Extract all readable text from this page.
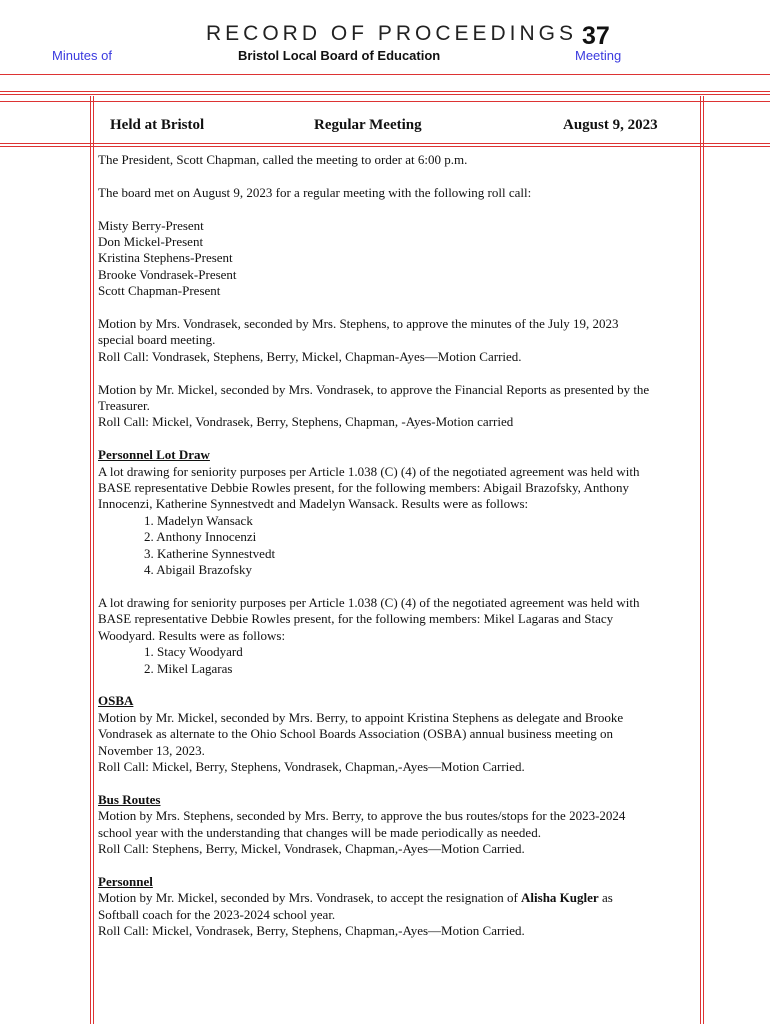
RECORD OF PROCEEDINGS 37
Minutes of	Bristol Local Board of Education	Meeting
Held at Bristol	Regular Meeting	August 9, 2023

The President, Scott Chapman, called the meeting to order at 6:00 p.m.

The board met on August 9, 2023 for a regular meeting with the following roll call:

Misty Berry-Present
Don Mickel-Present
Kristina Stephens-Present
Brooke Vondrasek-Present
Scott Chapman-Present
Motion by Mrs. Vondrasek, seconded by Mrs. Stephens, to approve the minutes of the July 19, 2023
special board meeting.
Roll Call: Vondrasek, Stephens, Berry, Mickel, Chapman-Ayes—Motion Carried.
Motion by Mr. Mickel, seconded by Mrs. Vondrasek, to approve the Financial Reports as presented by the
Treasurer.
Roll Call: Mickel, Vondrasek, Berry, Stephens, Chapman, -Ayes-Motion carried
Personnel Lot Draw
A lot drawing for seniority purposes per Article 1.038 (C) (4) of the negotiated agreement was held with
BASE representative Debbie Rowles present, for the following members: Abigail Brazofsky, Anthony
Innocenzi, Katherine Synnestvedt and Madelyn Wansack. Results were as follows:
1. Madelyn Wansack
2. Anthony Innocenzi
3. Katherine Synnestvedt
4. Abigail Brazofsky
A lot drawing for seniority purposes per Article 1.038 (C) (4) of the negotiated agreement was held with
BASE representative Debbie Rowles present, for the following members: Mikel Lagaras and Stacy
Woodyard. Results were as follows:
1. Stacy Woodyard
2. Mikel Lagaras
OSBA
Motion by Mr. Mickel, seconded by Mrs. Berry, to appoint Kristina Stephens as delegate and Brooke
Vondrasek as alternate to the Ohio School Boards Association (OSBA) annual business meeting on
November 13, 2023.
Roll Call: Mickel, Berry, Stephens, Vondrasek, Chapman,-Ayes—Motion Carried.
Bus Routes
Motion by Mrs. Stephens, seconded by Mrs. Berry, to approve the bus routes/stops for the 2023-2024
school year with the understanding that changes will be made periodically as needed.
Roll Call: Stephens, Berry, Mickel, Vondrasek, Chapman,-Ayes—Motion Carried.
Personnel
Motion by Mr. Mickel, seconded by Mrs. Vondrasek, to accept the resignation of Alisha Kugler as
Softball coach for the 2023-2024 school year.
Roll Call: Mickel, Vondrasek, Berry, Stephens, Chapman,-Ayes—Motion Carried.
